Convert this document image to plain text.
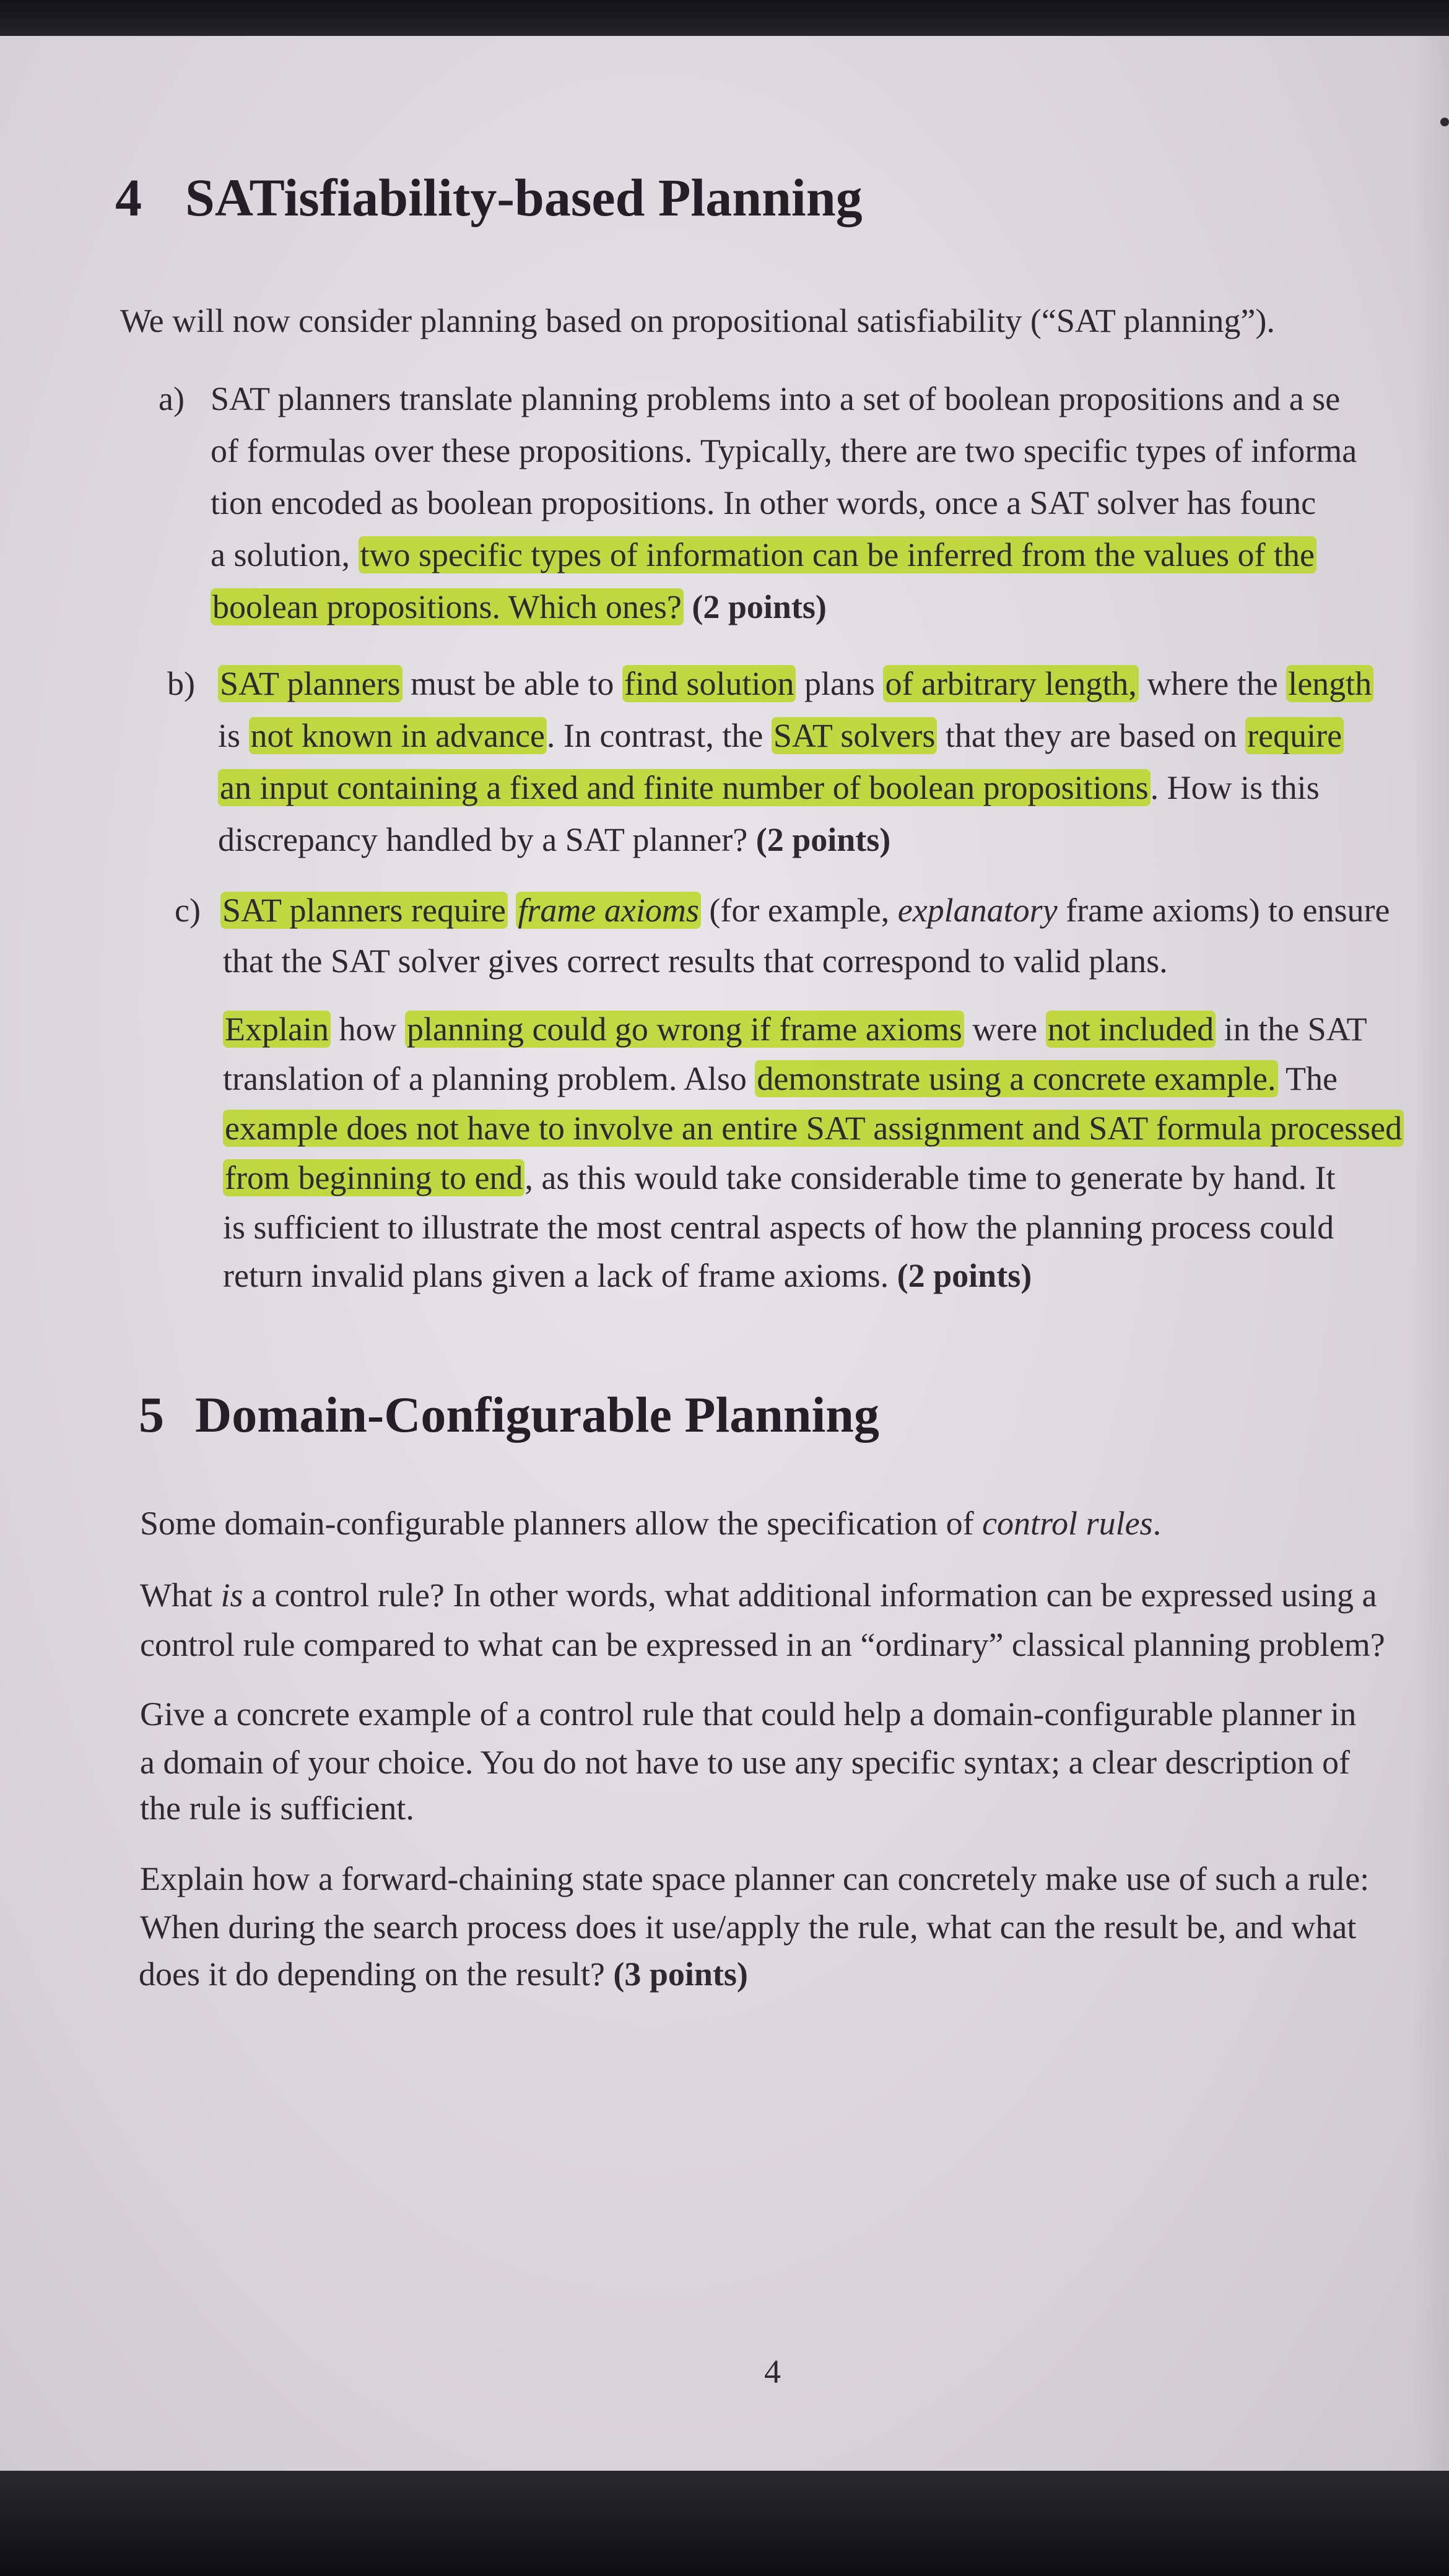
4 SATisfiability-based Planning

We will now consider planning based on propositional satisfiability (“SAT planning”).

a) SAT planners translate planning problems into a set of boolean propositions and a se

of formulas over these propositions. Typically, there are two specific types of informa

tion encoded as boolean propositions. In other words, once a SAT solver has founc

a solution, two specific types of information can be inferred from the values of the

boolean propositions. Which ones? (2 points)

b) SAT planners must be able to find solution plans of arbitrary length, where the length

is not known in advance. In contrast, the SAT solvers that they are based on require

an input containing a fixed and finite number of boolean propositions. How is this

discrepancy handled by a SAT planner? (2 points)

c) SAT planners require frame axioms (for example, explanatory frame axioms) to ensure

that the SAT solver gives correct results that correspond to valid plans.

Explain how planning could go wrong if frame axioms were not included in the SAT

translation of a planning problem. Also demonstrate using a concrete example. The

example does not have to involve an entire SAT assignment and SAT formula processed

from beginning to end, as this would take considerable time to generate by hand. It

is sufficient to illustrate the most central aspects of how the planning process could

return invalid plans given a lack of frame axioms. (2 points)

5 Domain-Configurable Planning

Some domain-configurable planners allow the specification of control rules.

What is a control rule? In other words, what additional information can be expressed using a

control rule compared to what can be expressed in an “ordinary” classical planning problem?

Give a concrete example of a control rule that could help a domain-configurable planner in

a domain of your choice. You do not have to use any specific syntax; a clear description of

the rule is sufficient.

Explain how a forward-chaining state space planner can concretely make use of such a rule:

When during the search process does it use/apply the rule, what can the result be, and what

does it do depending on the result? (3 points)

4
